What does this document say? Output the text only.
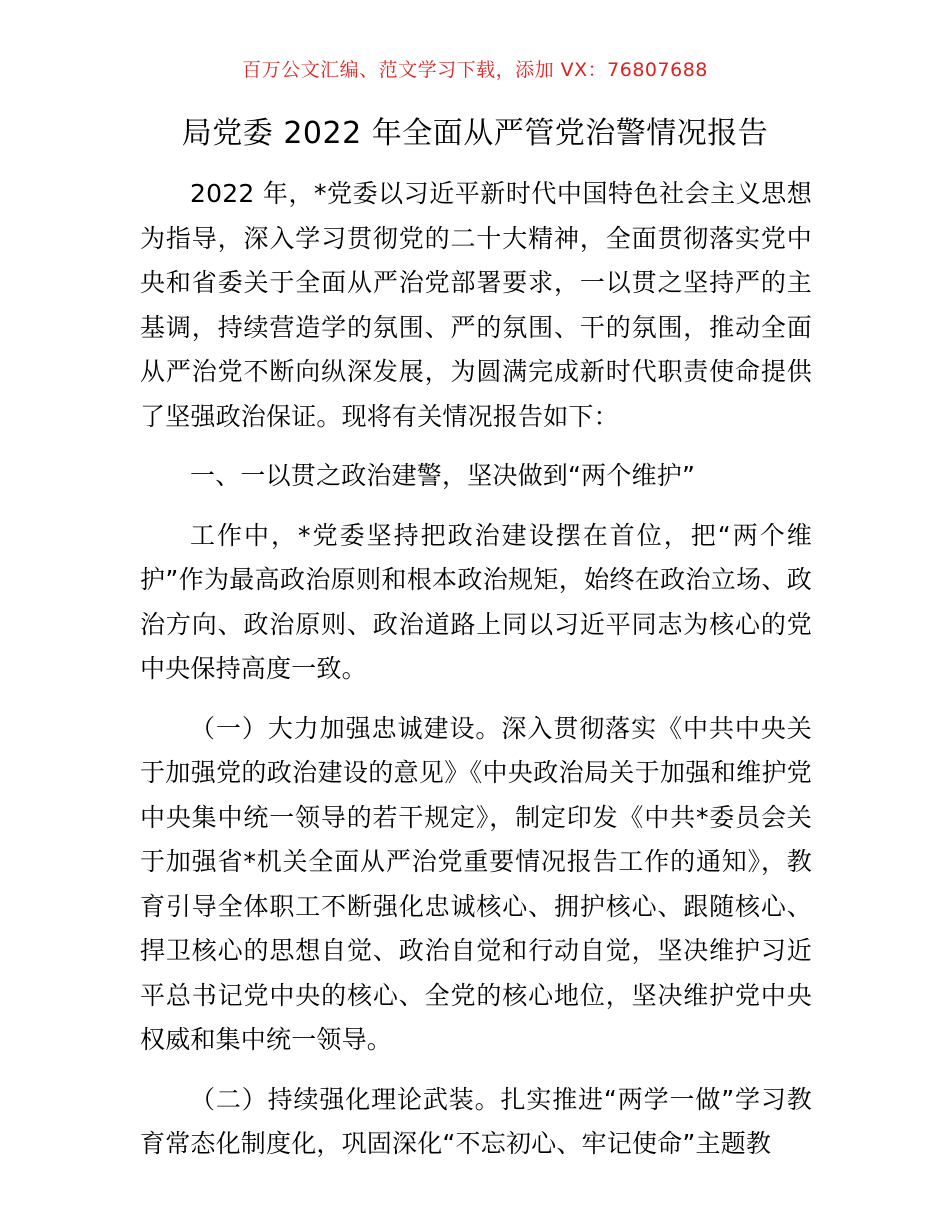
百万公文汇编、范文学习下载，添加 VX：76807688
局党委 2022 年全面从严管党治警情况报告

2022 年，*党委以习近平新时代中国特色社会主义思想为指导，深入学习贯彻党的二十大精神，全面贯彻落实党中央和省委关于全面从严治党部署要求，一以贯之坚持严的主基调，持续营造学的氛围、严的氛围、干的氛围，推动全面从严治党不断向纵深发展，为圆满完成新时代职责使命提供了坚强政治保证。现将有关情况报告如下：

一、一以贯之政治建警，坚决做到“两个维护”

工作中，*党委坚持把政治建设摆在首位，把“两个维护”作为最高政治原则和根本政治规矩，始终在政治立场、政治方向、政治原则、政治道路上同以习近平同志为核心的党中央保持高度一致。

（一）大力加强忠诚建设。深入贯彻落实《中共中央关于加强党的政治建设的意见》《中央政治局关于加强和维护党中央集中统一领导的若干规定》，制定印发《中共*委员会关于加强省*机关全面从严治党重要情况报告工作的通知》，教育引导全体职工不断强化忠诚核心、拥护核心、跟随核心、捍卫核心的思想自觉、政治自觉和行动自觉，坚决维护习近平总书记党中央的核心、全党的核心地位，坚决维护党中央权威和集中统一领导。

（二）持续强化理论武装。扎实推进“两学一做”学习教育常态化制度化，巩固深化“不忘初心、牢记使命”主题教
